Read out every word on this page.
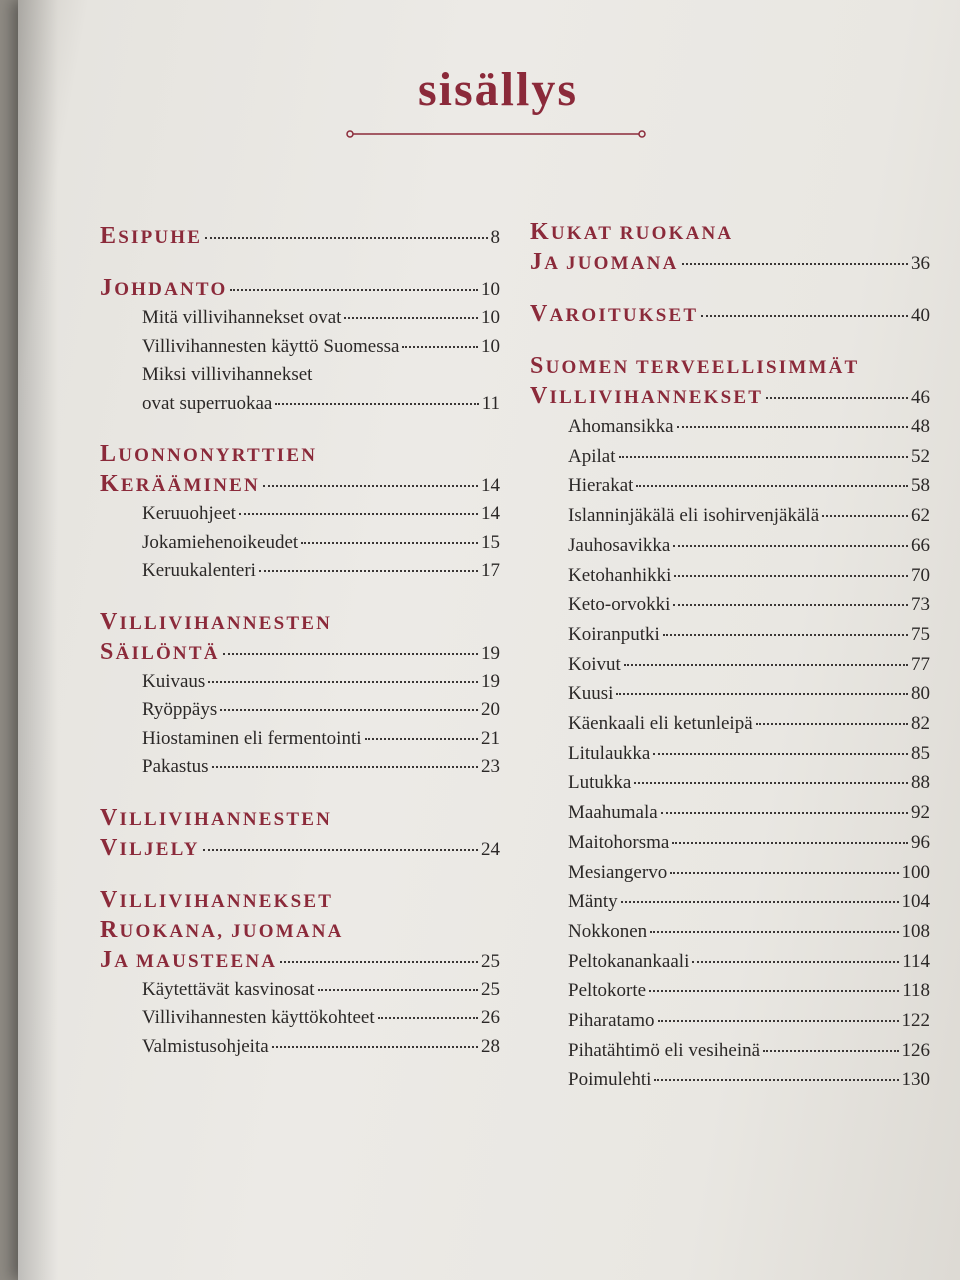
sisällys
ESIPUHE	8
JOHDANTO	10
Mitä villivihannekset ovat	10
Villivihannesten käyttö Suomessa	10
Miksi villivihannekset
ovat superruokaa	11
LUONNONYRTTIEN
KERÄÄMINEN	14
Keruuohjeet	14
Jokamiehenoikeudet	15
Keruukalenteri	17
VILLIVIHANNESTEN
SÄILÖNTÄ	19
Kuivaus	19
Ryöppäys	20
Hiostaminen eli fermentointi	21
Pakastus	23
VILLIVIHANNESTEN
VILJELY	24
VILLIVIHANNEKSET
RUOKANA, JUOMANA
JA MAUSTEENA	25
Käytettävät kasvinosat	25
Villivihannesten käyttökohteet	26
Valmistusohjeita	28
KUKAT RUOKANA
JA JUOMANA	36
VAROITUKSET	40
SUOMEN TERVEELLISIMMÄT
VILLIVIHANNEKSET	46
Ahomansikka	48
Apilat	52
Hierakat	58
Islanninjäkälä eli isohirvenjäkälä	62
Jauhosavikka	66
Ketohanhikki	70
Keto-orvokki	73
Koiranputki	75
Koivut	77
Kuusi	80
Käenkaali eli ketunleipä	82
Litulaukka	85
Lutukka	88
Maahumala	92
Maitohorsma	96
Mesiangervo	100
Mänty	104
Nokkonen	108
Peltokanankaali	114
Peltokorte	118
Piharatamo	122
Pihatähtimö eli vesiheinä	126
Poimulehti	130
